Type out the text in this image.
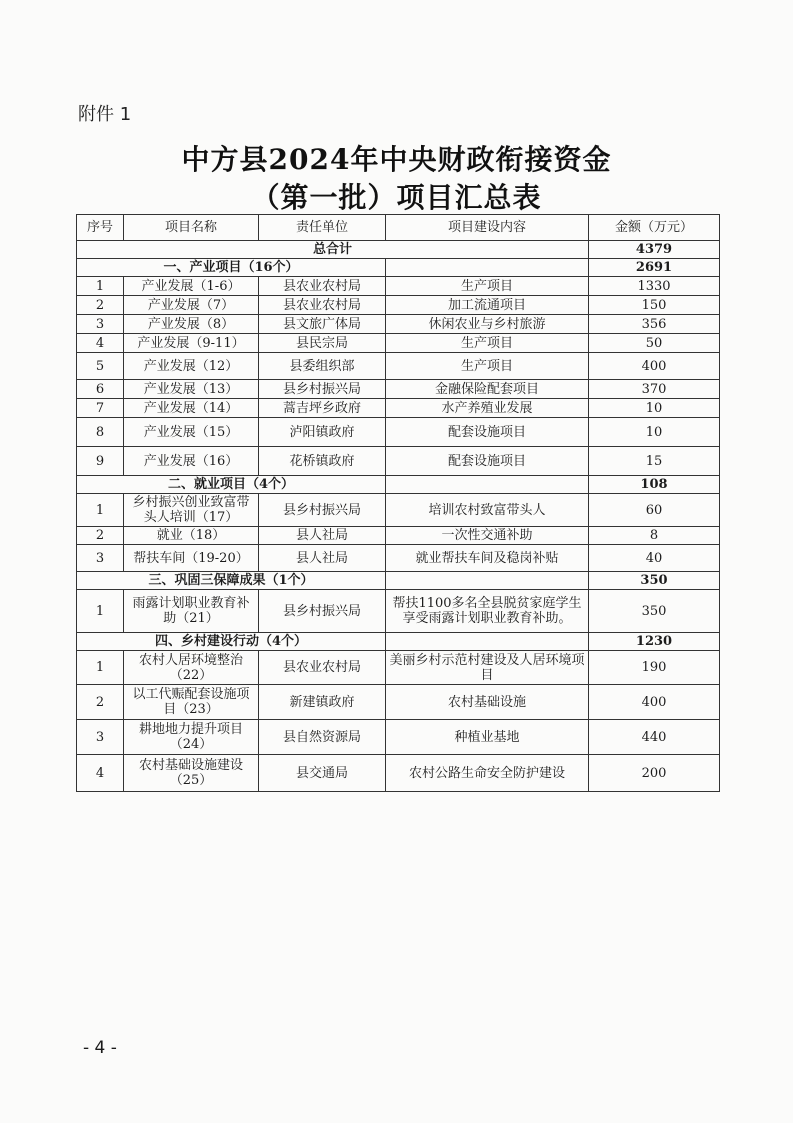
附件 1
中方县2024年中央财政衔接资金
（第一批）项目汇总表
序号	项目名称	责任单位	项目建设内容	金额（万元）
总合计				4379
一、产业项目（16个）				2691
1	产业发展（1-6）	县农业农村局	生产项目	1330
2	产业发展（7）	县农业农村局	加工流通项目	150
3	产业发展（8）	县文旅广体局	休闲农业与乡村旅游	356
4	产业发展（9-11）	县民宗局	生产项目	50
5	产业发展（12）	县委组织部	生产项目	400
6	产业发展（13）	县乡村振兴局	金融保险配套项目	370
7	产业发展（14）	蒿吉坪乡政府	水产养殖业发展	10
8	产业发展（15）	泸阳镇政府	配套设施项目	10
9	产业发展（16）	花桥镇政府	配套设施项目	15
二、就业项目（4个）				108
1	乡村振兴创业致富带头人培训（17）	县乡村振兴局	培训农村致富带头人	60
2	就业（18）	县人社局	一次性交通补助	8
3	帮扶车间（19-20）	县人社局	就业帮扶车间及稳岗补贴	40
三、巩固三保障成果（1个）				350
1	雨露计划职业教育补助（21）	县乡村振兴局	帮扶1100多名全县脱贫家庭学生享受雨露计划职业教育补助。	350
四、乡村建设行动（4个）				1230
1	农村人居环境整治（22）	县农业农村局	美丽乡村示范村建设及人居环境项目	190
2	以工代赈配套设施项目（23）	新建镇政府	农村基础设施	400
3	耕地地力提升项目（24）	县自然资源局	种植业基地	440
4	农村基础设施建设（25）	县交通局	农村公路生命安全防护建设	200
- 4 -
